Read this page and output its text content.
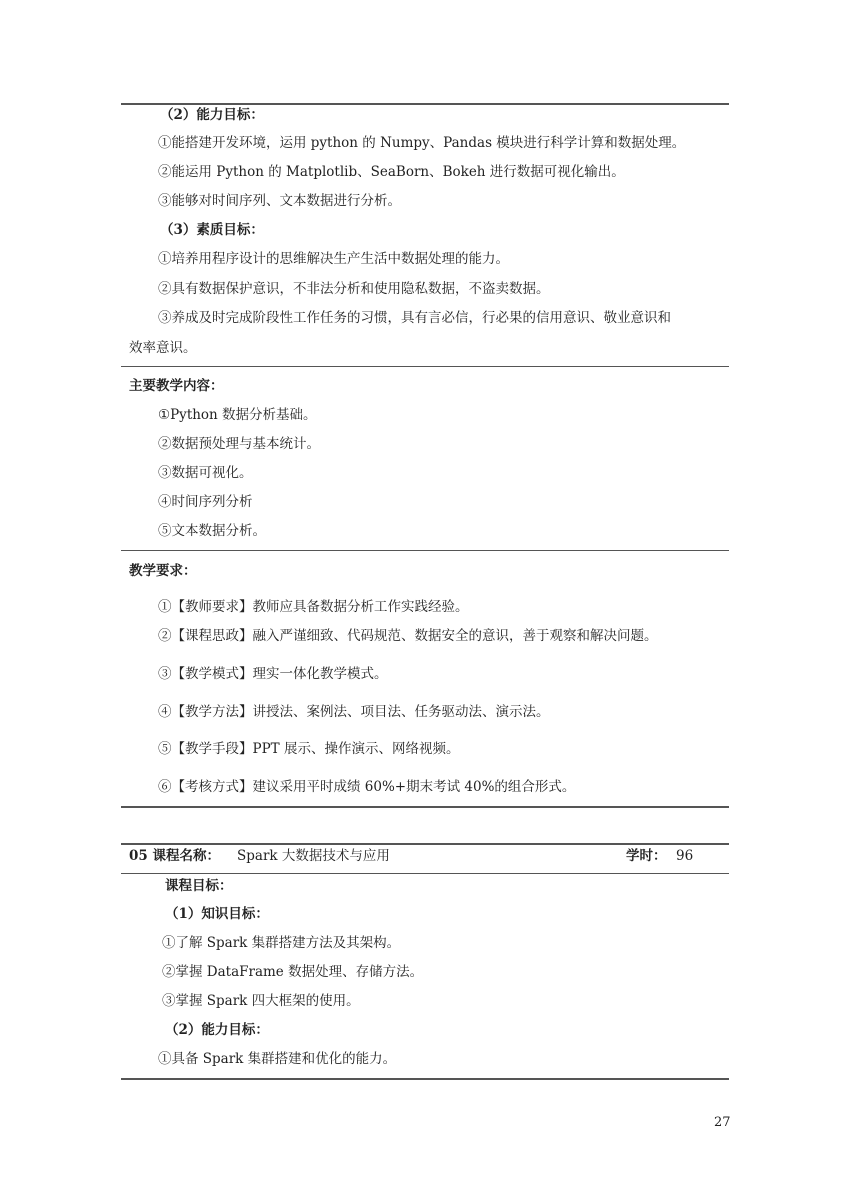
（2）能力目标：
①能搭建开发环境，运用 python 的 Numpy、Pandas 模块进行科学计算和数据处理。
②能运用 Python 的 Matplotlib、SeaBorn、Bokeh 进行数据可视化输出。
③能够对时间序列、文本数据进行分析。
（3）素质目标：
①培养用程序设计的思维解决生产生活中数据处理的能力。
②具有数据保护意识，不非法分析和使用隐私数据，不盗卖数据。
③养成及时完成阶段性工作任务的习惯，具有言必信，行必果的信用意识、敬业意识和
效率意识。
主要教学内容：
①Python 数据分析基础。
②数据预处理与基本统计。
③数据可视化。
④时间序列分析
⑤文本数据分析。
教学要求：
①【教师要求】教师应具备数据分析工作实践经验。
②【课程思政】融入严谨细致、代码规范、数据安全的意识，善于观察和解决问题。
③【教学模式】理实一体化教学模式。
④【教学方法】讲授法、案例法、项目法、任务驱动法、演示法。
⑤【教学手段】PPT 展示、操作演示、网络视频。
⑥【考核方式】建议采用平时成绩 60%+期末考试 40%的组合形式。
05 课程名称： Spark 大数据技术与应用	学时： 96
课程目标：
（1）知识目标：
①了解 Spark 集群搭建方法及其架构。
②掌握 DataFrame 数据处理、存储方法。
③掌握 Spark 四大框架的使用。
（2）能力目标：
①具备 Spark 集群搭建和优化的能力。
27
